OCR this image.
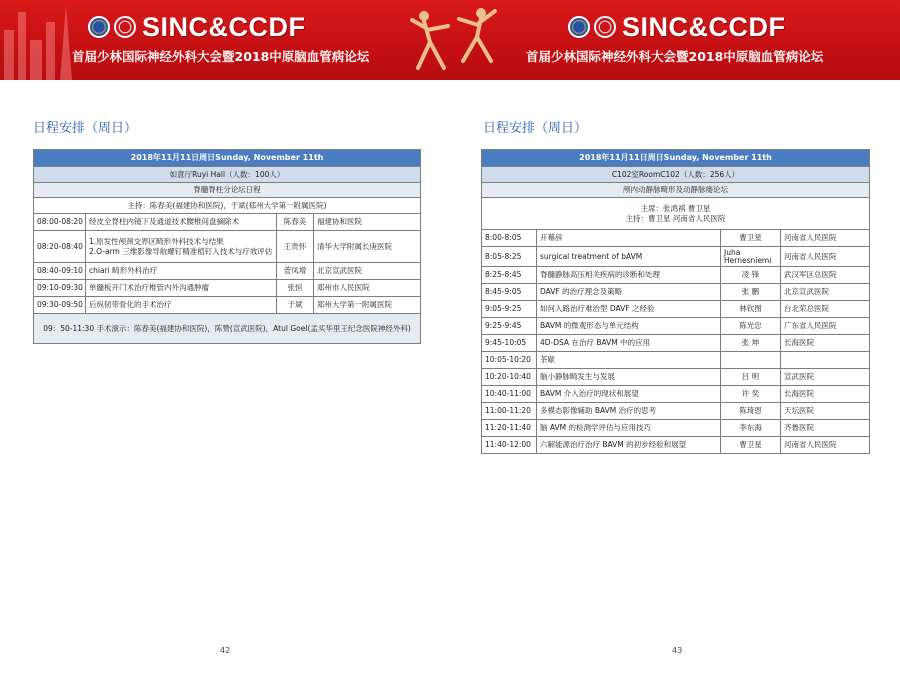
SINC&CCDF
首届少林国际神经外科大会暨2018中原脑血管病论坛
日程安排（周日）
2018年11月11日周日Sunday, November 11th			
如意厅Ruyi Hall（人数：100人）			
脊髓脊柱分论坛日程			
主持：陈春美(福建协和医院)，于斌(郑州大学第一附属医院)			
08:00-08:20	经皮全脊柱内镜下及通道技术腰椎间盘摘除术	陈春美	福建协和医院
08:20-08:40	1.原发性颅颈交界区畸形外科技术与结果
2.O-arm 三维影像导航螺钉精准植钉入技术与疗效评估	王贵怀	清华大学附属长庚医院
08:40-09:10	chiari 畸形外科治疗	菅凤增	北京宣武医院
09:10-09:30	单髓板开门术治疗椎管内外沟通肿瘤	张恒	郑州市人民医院
09:30-09:50	后纵韧带骨化的手术治疗	于斌	郑州大学第一附属医院
09：50-11:30 手术演示：陈春美(福建协和医院)，陈赞(宣武医院)，Atul Goel(孟买华里王纪念医院神经外科)			
42
SINC&CCDF
首届少林国际神经外科大会暨2018中原脑血管病论坛
日程安排（周日）
2018年11月11日周日Sunday, November 11th			
C102室RoomC102（人数：256人）			
颅内动静脉畸形及动静脉瘘论坛			
主席：张鸿祺 曹卫星
主持：曹卫星 河南省人民医院			
8:00-8:05	开幕辞	曹卫星	河南省人民医院
8:05-8:25	surgical treatment of bAVM	Juha
Hernesniemi	河南省人民医院
8:25-8:45	脊髓静脉高压相关疾病的诊断和处理	凌 锋	武汉军区总医院
8:45-9:05	DAVF 的治疗理念及策略	张 鹏	北京宣武医院
9:05-9:25	如何入路治疗难治型 DAVF 之经验	林钦图	台北荣总医院
9:25-9:45	BAVM 的微观形态与单元结构	陈光忠	广东省人民医院
9:45-10:05	4D-DSA 在治疗 BAVM 中的应用	张 坤	长海医院
10:05-10:20	茶歇		
10:20-10:40	脑小静脉畸发生与发展	吕 明	宣武医院
10:40-11:00	BAVM 介入治疗的现状和展望	许 奕	长海医院
11:00-11:20	多模态影像辅助 BAVM 治疗的思考	陈琦恩	天坛医院
11:20-11:40	脑 AVM 的检测学评估与应用技巧	李东海	齐鲁医院
11:40-12:00	六解能源治疗治疗 BAVM 的初步经验和展望	曹卫星	河南省人民医院
43
